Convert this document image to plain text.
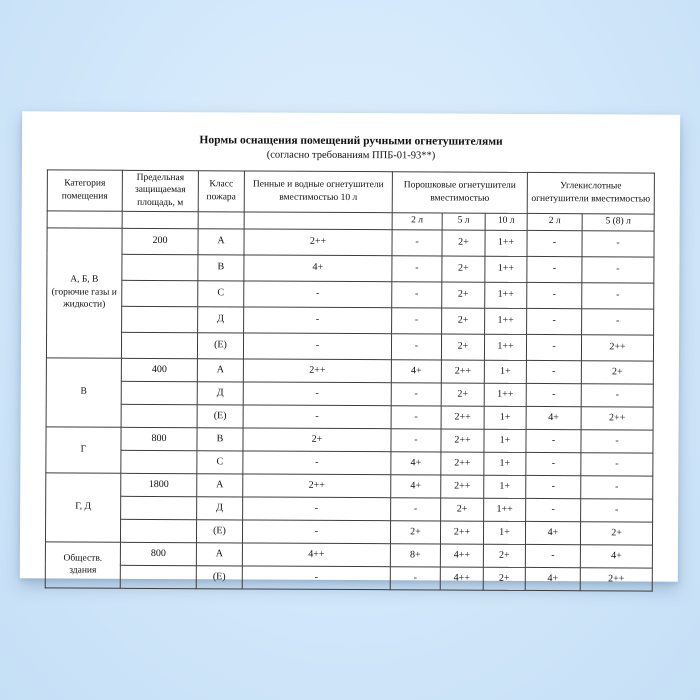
Нормы оснащения помещений ручными огнетушителями
(согласно требованиям ППБ-01-93**)
Категория помещения	Предельная защищаемая площадь, м	Класс пожара	Пенные и водные огнетушители вместимостью 10 л	Порошковые огнетушители вместимостью			Углекислотные огнетушители вместимостью	
				2 л	5 л	10 л	2 л	5 (8) л
А, Б, В (горючие газы и жидкости)	200	А	2++	-	2+	1++	-	-
		В	4+	-	2+	1++	-	-
		С	-	-	2+	1++	-	-
		Д	-	-	2+	1++	-	-
		(Е)	-	-	2+	1++	-	2++
В	400	А	2++	4+	2++	1+	-	2+
		Д	-	-	2+	1++	-	-
		(Е)	-	-	2++	1+	4+	2++
Г	800	В	2+	-	2++	1+	-	-
		С	-	4+	2++	1+	-	-
Г, Д	1800	А	2++	4+	2++	1+	-	-
		Д	-	-	2+	1++	-	-
		(Е)	-	2+	2++	1+	4+	2+
Обществ. здания	800	А	4++	8+	4++	2+	-	4+
		(Е)	-	-	4++	2+	4+	2++
